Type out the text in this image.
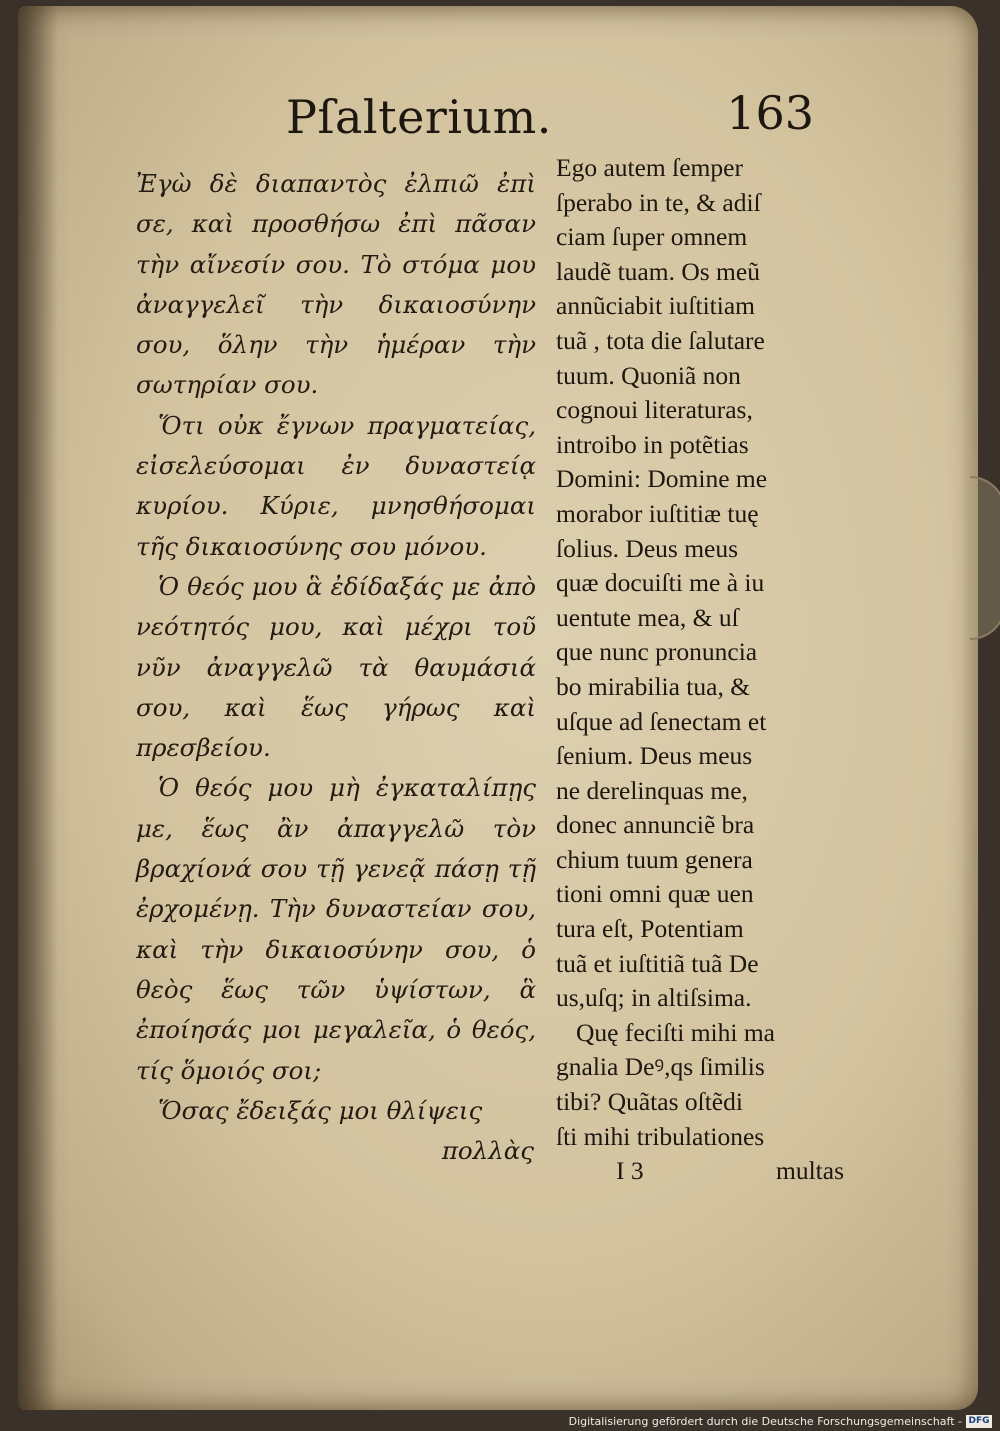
Pſalterium.	163

Ἐγὼ δὲ διαπαντὸς ἐλπιῶ ἐπὶ σε, καὶ προσθήσω ἐπὶ πᾶσαν τὴν αἴνεσίν σου. Τὸ στόμα μου ἀναγγελεῖ τὴν δικαιοσύνην σου, ὅλην τὴν ἡμέραν τὴν σωτηρίαν σου.

Ὅτι οὐκ ἔγνων πραγματείας, εἰσελεύσομαι ἐν δυναστείᾳ κυρίου. Κύριε, μνησθήσομαι τῆς δικαιοσύνης σου μόνου.

Ὁ θεός μου ἃ ἐδίδαξάς με ἀπὸ νεότητός μου, καὶ μέχρι τοῦ νῦν ἀναγγελῶ τὰ θαυμάσιά σου, καὶ ἕως γήρως καὶ πρεσβείου.

Ὁ θεός μου μὴ ἐγκαταλίπῃς με, ἕως ἂν ἀπαγγελῶ τὸν βραχίονά σου τῇ γενεᾷ πάσῃ τῇ ἐρχομένῃ. Τὴν δυναστείαν σου, καὶ τὴν δικαιοσύνην σου, ὁ θεὸς ἕως τῶν ὑψίστων, ἃ ἐποίησάς μοι μεγαλεῖα, ὁ θεός, τίς ὅμοιός σοι;

Ὅσας ἔδειξάς μοι θλίψεις

πολλὰς

Ego autem ſemper
ſperabo in te, & adiſ
ciam ſuper omnem
laudẽ tuam. Os meũ
annũciabit iuſtitiam
tuã , tota die ſalutare
tuum. Quoniã non
cognoui literaturas,
introibo in potẽtias
Domini: Domine me
morabor iuſtitiæ tuę
ſolius. Deus meus
quæ docuiſti me à iu
uentute mea, & uſ
que nunc pronuncia
bo mirabilia tua, &
uſque ad ſenectam et
ſenium. Deus meus
ne derelinquas me,
donec annunciẽ bra
chium tuum genera
tioni omni quæ uen
tura eſt, Potentiam
tuã et iuſtitiã tuã De
us,uſq; in altiſsima.
Quę feciſti mihi ma
gnalia Deꝰ,qs ſimilis
tibi? Quãtas oſtẽdi
ſti mihi tribulationes
I 3	multas
Digitalisierung gefördert durch die Deutsche Forschungsgemeinschaft - DFG
